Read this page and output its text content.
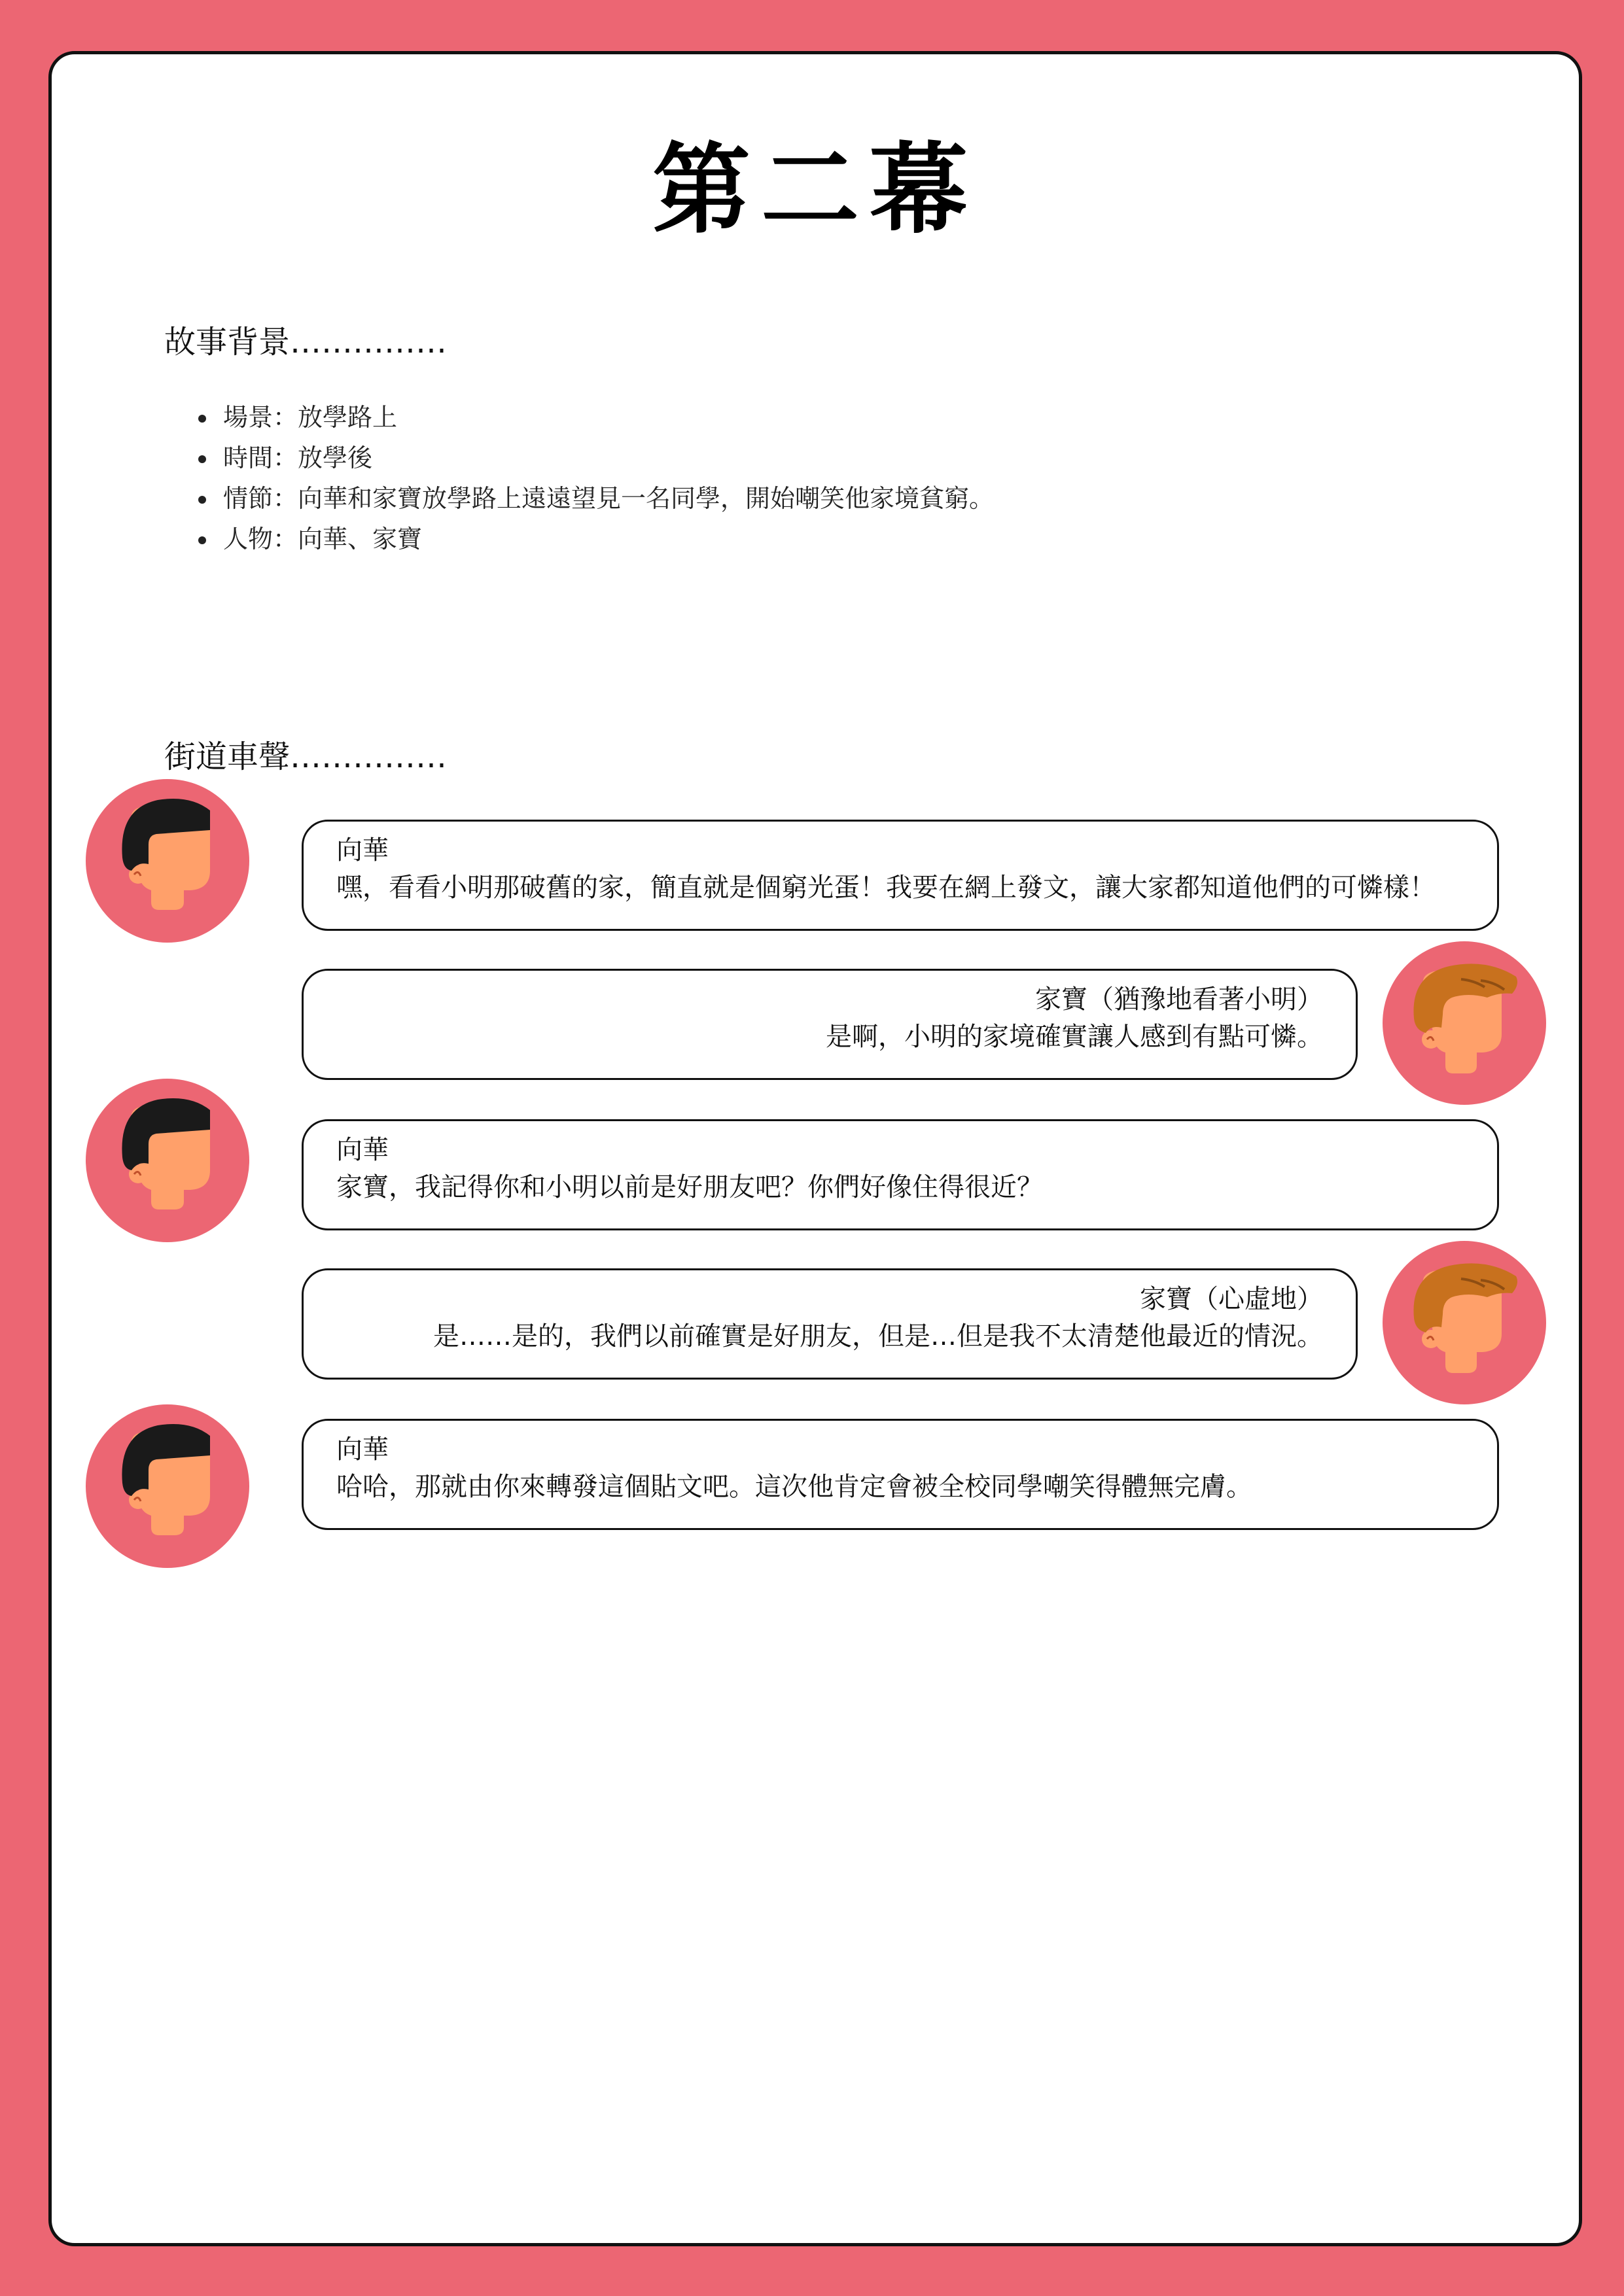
第二幕
故事背景……………
• 場景：放學路上
• 時間：放學後
• 情節：向華和家寶放學路上遠遠望見一名同學，開始嘲笑他家境貧窮。
• 人物：向華、家寶
街道車聲……………
向華
嘿，看看小明那破舊的家，簡直就是個窮光蛋！我要在網上發文，讓大家都知道他們的可憐樣！
家寶（猶豫地看著小明）
是啊，小明的家境確實讓人感到有點可憐。
向華
家寶，我記得你和小明以前是好朋友吧？你們好像住得很近？
家寶（心虛地）
是……是的，我們以前確實是好朋友，但是…但是我不太清楚他最近的情況。
向華
哈哈，那就由你來轉發這個貼文吧。這次他肯定會被全校同學嘲笑得體無完膚。
